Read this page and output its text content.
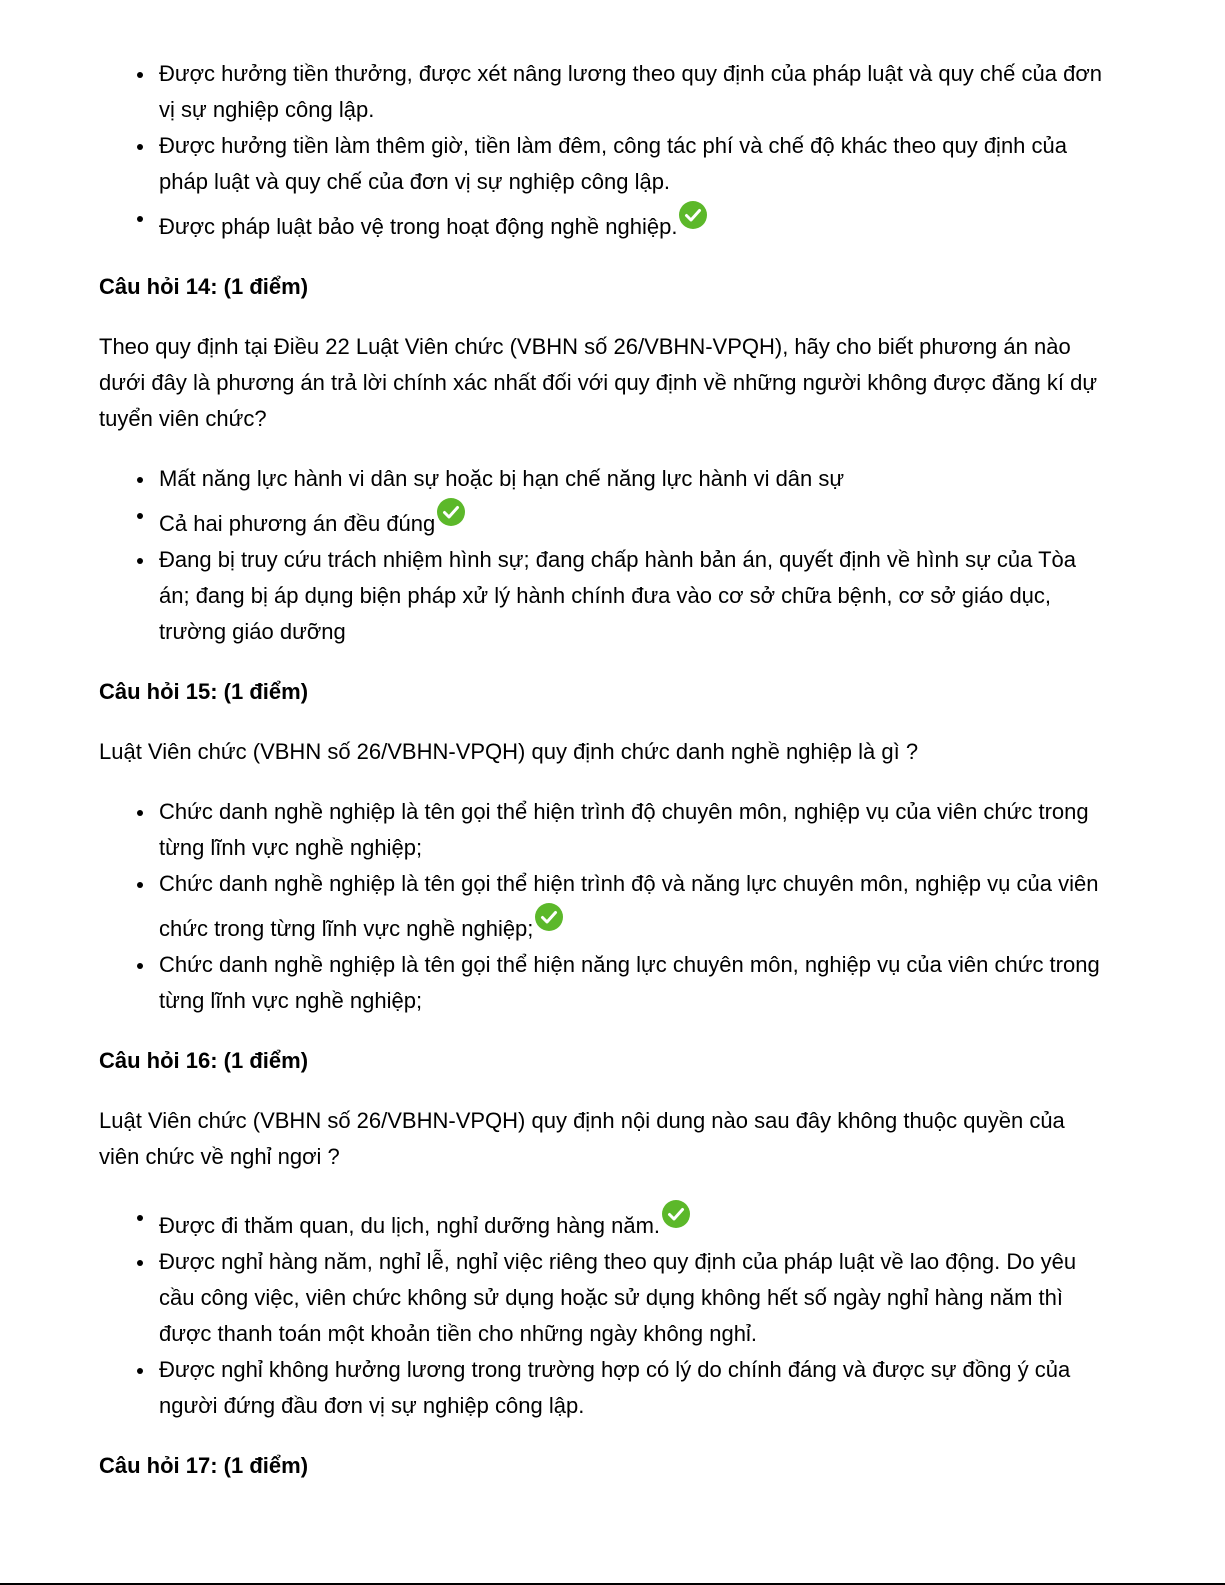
Được hưởng tiền thưởng, được xét nâng lương theo quy định của pháp luật và quy chế của đơn vị sự nghiệp công lập.
Được hưởng tiền làm thêm giờ, tiền làm đêm, công tác phí và chế độ khác theo quy định của pháp luật và quy chế của đơn vị sự nghiệp công lập.
Được pháp luật bảo vệ trong hoạt động nghề nghiệp.
Câu hỏi 14: (1 điểm)

Theo quy định tại Điều 22 Luật Viên chức (VBHN số 26/VBHN-VPQH), hãy cho biết phương án nào dưới đây là phương án trả lời chính xác nhất đối với quy định về những người không được đăng kí dự tuyển viên chức?

Mất năng lực hành vi dân sự hoặc bị hạn chế năng lực hành vi dân sự
Cả hai phương án đều đúng
Đang bị truy cứu trách nhiệm hình sự; đang chấp hành bản án, quyết định về hình sự của Tòa án; đang bị áp dụng biện pháp xử lý hành chính đưa vào cơ sở chữa bệnh, cơ sở giáo dục, trường giáo dưỡng
Câu hỏi 15: (1 điểm)

Luật Viên chức (VBHN số 26/VBHN-VPQH) quy định chức danh nghề nghiệp là gì ?

Chức danh nghề nghiệp là tên gọi thể hiện trình độ chuyên môn, nghiệp vụ của viên chức trong từng lĩnh vực nghề nghiệp;
Chức danh nghề nghiệp là tên gọi thể hiện trình độ và năng lực chuyên môn, nghiệp vụ của viên chức trong từng lĩnh vực nghề nghiệp;
Chức danh nghề nghiệp là tên gọi thể hiện năng lực chuyên môn, nghiệp vụ của viên chức trong từng lĩnh vực nghề nghiệp;
Câu hỏi 16: (1 điểm)

Luật Viên chức (VBHN số 26/VBHN-VPQH) quy định nội dung nào sau đây không thuộc quyền của viên chức về nghỉ ngơi ?

Được đi thăm quan, du lịch, nghỉ dưỡng hàng năm.
Được nghỉ hàng năm, nghỉ lễ, nghỉ việc riêng theo quy định của pháp luật về lao động. Do yêu cầu công việc, viên chức không sử dụng hoặc sử dụng không hết số ngày nghỉ hàng năm thì được thanh toán một khoản tiền cho những ngày không nghỉ.
Được nghỉ không hưởng lương trong trường hợp có lý do chính đáng và được sự đồng ý của người đứng đầu đơn vị sự nghiệp công lập.
Câu hỏi 17: (1 điểm)
